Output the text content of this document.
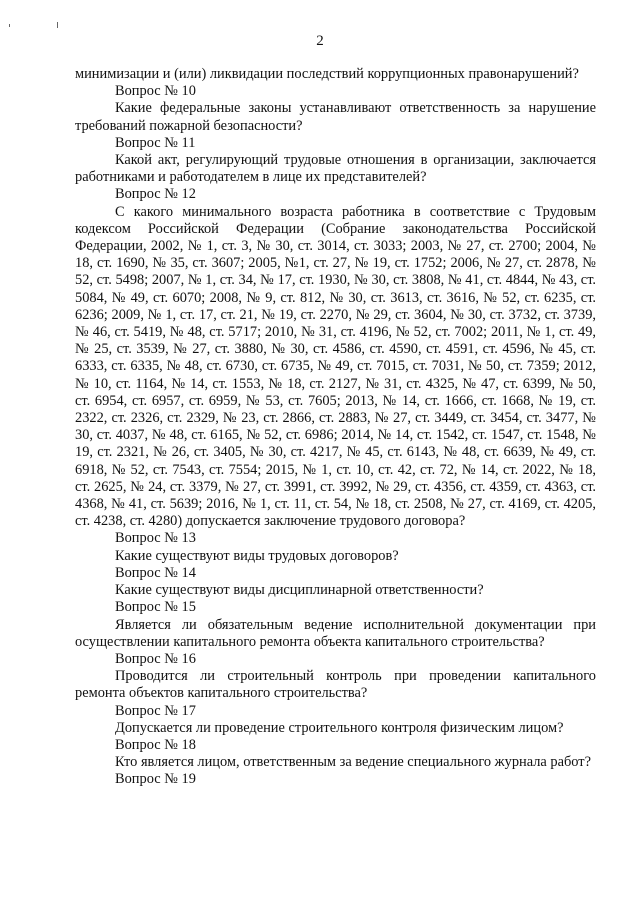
2

минимизации и (или) ликвидации последствий коррупционных правонарушений?

Вопрос № 10

Какие федеральные законы устанавливают ответственность за нарушение требований пожарной безопасности?

Вопрос № 11

Какой акт, регулирующий трудовые отношения в организации, заключается работниками и работодателем в лице их представителей?

Вопрос № 12

С какого минимального возраста работника в соответствие с Трудовым кодексом Российской Федерации (Собрание законодательства Российской Федерации, 2002, № 1, ст. 3, № 30, ст. 3014, ст. 3033; 2003, № 27, ст. 2700; 2004, № 18, ст. 1690, № 35, ст. 3607; 2005, №1, ст. 27, № 19, ст. 1752; 2006, № 27, ст. 2878, № 52, ст. 5498; 2007, № 1, ст. 34, № 17, ст. 1930, № 30, ст. 3808, № 41, ст. 4844, № 43, ст. 5084, № 49, ст. 6070; 2008, № 9, ст. 812, № 30, ст. 3613, ст. 3616, № 52, ст. 6235, ст. 6236; 2009, № 1, ст. 17, ст. 21, № 19, ст. 2270, № 29, ст. 3604, № 30, ст. 3732, ст. 3739, № 46, ст. 5419, № 48, ст. 5717; 2010, № 31, ст. 4196, № 52, ст. 7002; 2011, № 1, ст. 49, № 25, ст. 3539, № 27, ст. 3880, № 30, ст. 4586, ст. 4590, ст. 4591, ст. 4596, № 45, ст. 6333, ст. 6335, № 48, ст. 6730, ст. 6735, № 49, ст. 7015, ст. 7031, № 50, ст. 7359; 2012, № 10, ст. 1164, № 14, ст. 1553, № 18, ст. 2127, № 31, ст. 4325, № 47, ст. 6399, № 50, ст. 6954, ст. 6957, ст. 6959, № 53, ст. 7605; 2013, № 14, ст. 1666, ст. 1668, № 19, ст. 2322, ст. 2326, ст. 2329, № 23, ст. 2866, ст. 2883, № 27, ст. 3449, ст. 3454, ст. 3477, № 30, ст. 4037, № 48, ст. 6165, № 52, ст. 6986; 2014, № 14, ст. 1542, ст. 1547, ст. 1548, № 19, ст. 2321, № 26, ст. 3405, № 30, ст. 4217, № 45, ст. 6143, № 48, ст. 6639, № 49, ст. 6918, № 52, ст. 7543, ст. 7554; 2015, № 1, ст. 10, ст. 42, ст. 72, № 14, ст. 2022, № 18, ст. 2625, № 24, ст. 3379, № 27, ст. 3991, ст. 3992, № 29, ст. 4356, ст. 4359, ст. 4363, ст. 4368, № 41, ст. 5639; 2016, № 1, ст. 11, ст. 54, № 18, ст. 2508, № 27, ст. 4169, ст. 4205, ст. 4238, ст. 4280) допускается заключение трудового договора?

Вопрос № 13

Какие существуют виды трудовых договоров?

Вопрос № 14

Какие существуют виды дисциплинарной ответственности?

Вопрос № 15

Является ли обязательным ведение исполнительной документации при осуществлении капитального ремонта объекта капитального строительства?

Вопрос № 16

Проводится ли строительный контроль при проведении капитального ремонта объектов капитального строительства?

Вопрос № 17

Допускается ли проведение строительного контроля физическим лицом?

Вопрос № 18

Кто является лицом, ответственным за ведение специального журнала работ?

Вопрос № 19
